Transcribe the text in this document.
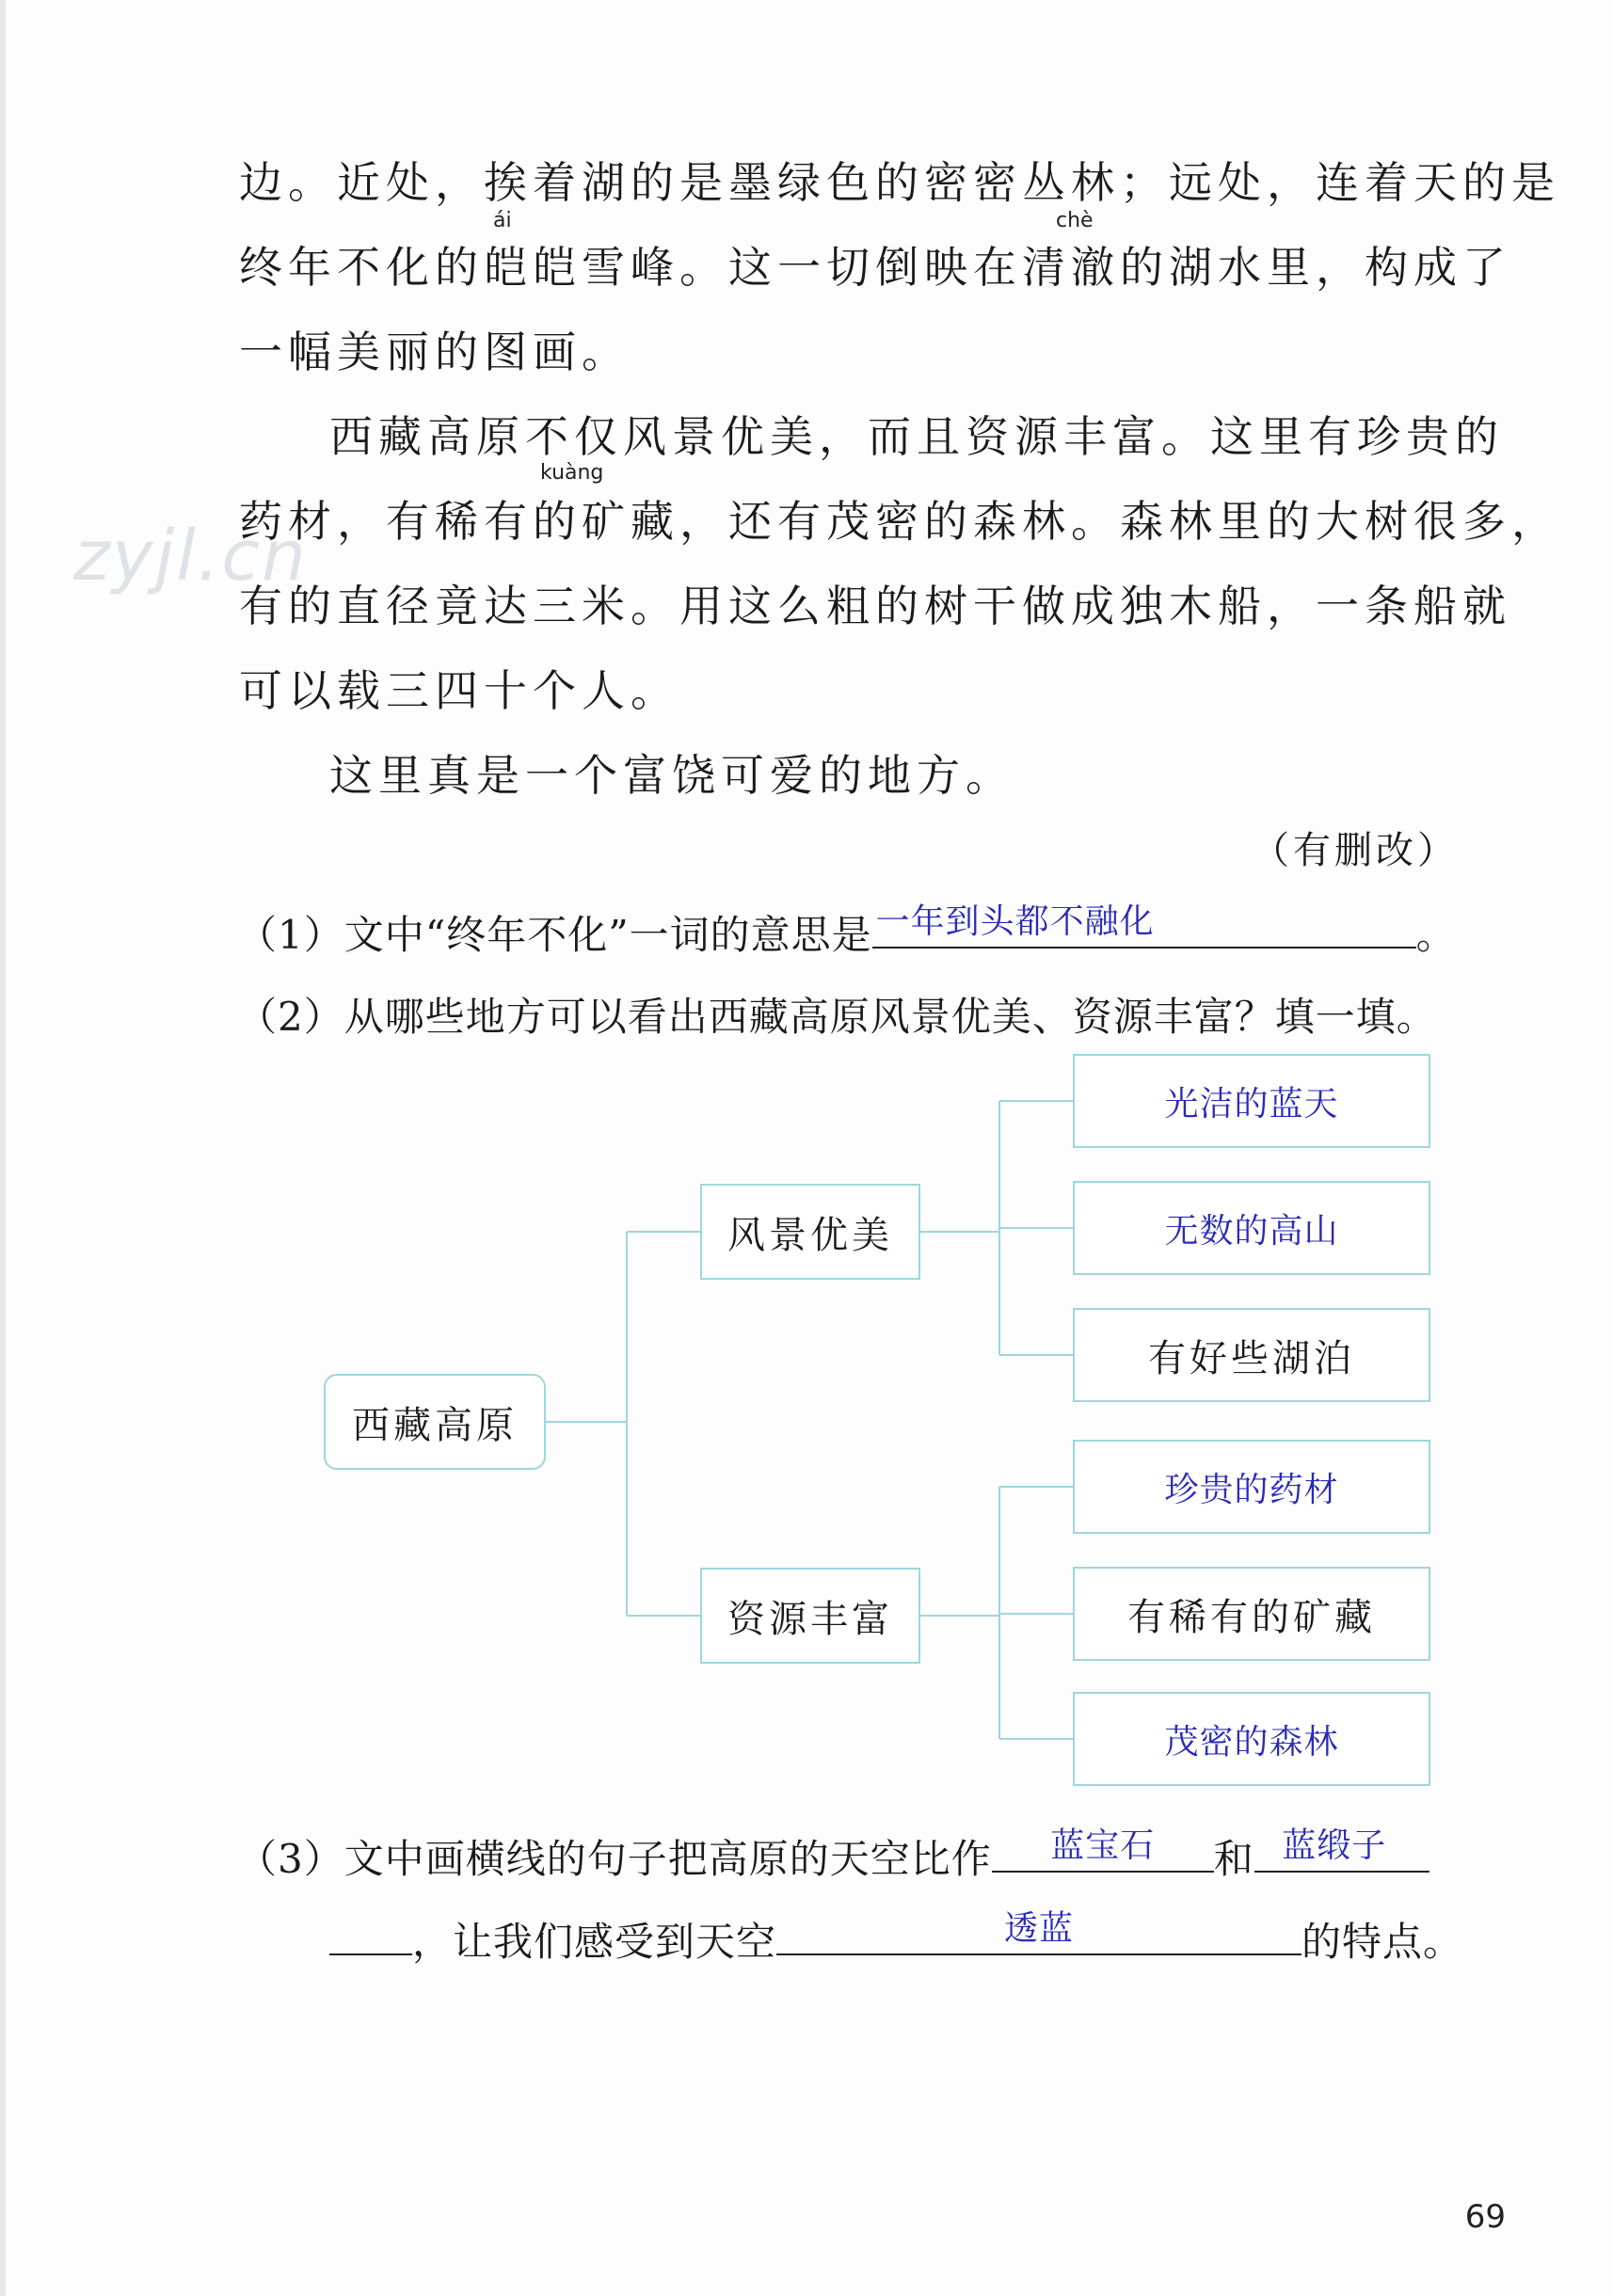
zyjl.cn
ái	chè
kuàng
边。近处，挨着湖的是墨绿色的密密丛林；远处，连着天的是
终年不化的皑皑雪峰。这一切倒映在清澈的湖水里，构成了
一幅美丽的图画。
西藏高原不仅风景优美，而且资源丰富。这里有珍贵的
药材，有稀有的矿藏，还有茂密的森林。森林里的大树很多，
有的直径竟达三米。用这么粗的树干做成独木船，一条船就
可以载三四十个人。
这里真是一个富饶可爱的地方。
（有删改）
（1）文中“终年不化”一词的意思是 一年到头都不融化	。
（2）从哪些地方可以看出西藏高原风景优美、资源丰富？填一填。
西藏高原
风景优美
资源丰富
光洁的蓝天
无数的高山
有好些湖泊
珍贵的药材
有稀有的矿藏
茂密的森林
（3）文中画横线的句子把高原的天空比作	蓝宝石	和 蓝缎子
，让我们感受到天空	透蓝	的特点。
69
